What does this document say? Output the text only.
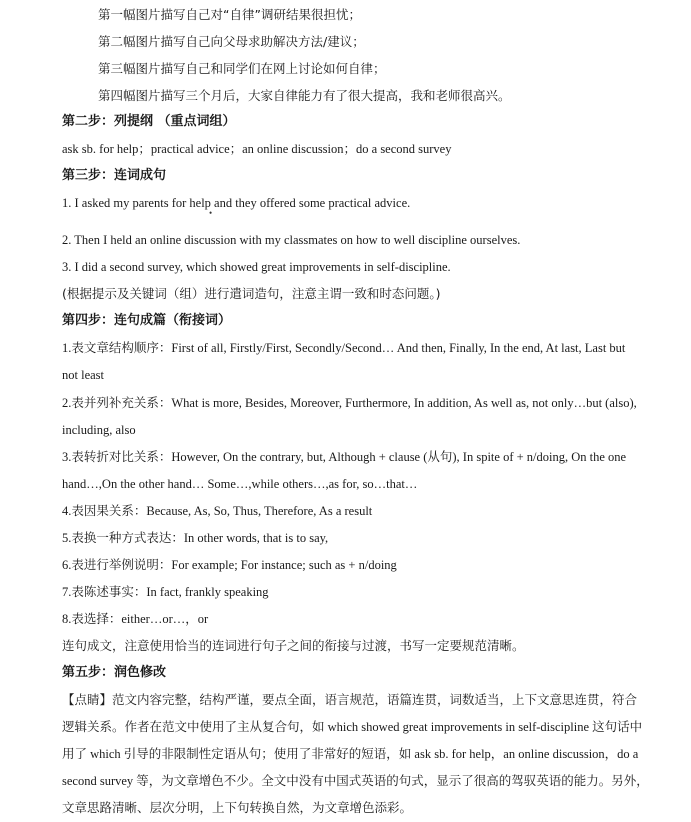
第一幅图片描写自己对“自律”调研结果很担忧；
第二幅图片描写自己向父母求助解决方法/建议；
第三幅图片描写自己和同学们在网上讨论如何自律；
第四幅图片描写三个月后，大家自律能力有了很大提高，我和老师很高兴。
第二步：列提纲 （重点词组）
ask sb. for help；practical advice；an online discussion；do a second survey
第三步：连词成句
1. I asked my parents for help and they offered some practical advice.
•
2. Then I held an online discussion with my classmates on how to well discipline ourselves.
3. I did a second survey, which showed great improvements in self-discipline.
(根据提示及关键词（组）进行遣词造句，注意主谓一致和时态问题。)
第四步：连句成篇（衔接词）
1.表文章结构顺序：First of all, Firstly/First, Secondly/Second… And then, Finally, In the end, At last, Last but
not least
2.表并列补充关系：What is more, Besides, Moreover, Furthermore, In addition, As well as, not only…but (also),
including, also
3.表转折对比关系：However, On the contrary, but, Although + clause (从句), In spite of + n/doing, On the one
hand…,On the other hand… Some…,while others…,as for, so…that…
4.表因果关系：Because, As, So, Thus, Therefore, As a result
5.表换一种方式表达：In other words, that is to say,
6.表进行举例说明：For example; For instance; such as + n/doing
7.表陈述事实：In fact, frankly speaking
8.表选择：either…or…，or
连句成文，注意使用恰当的连词进行句子之间的衔接与过渡，书写一定要规范清晰。
第五步：润色修改
【点睛】范文内容完整，结构严谨，要点全面，语言规范，语篇连贯，词数适当，上下文意思连贯，符合
逻辑关系。作者在范文中使用了主从复合句，如 which showed great improvements in self-discipline 这句话中
用了 which 引导的非限制性定语从句；使用了非常好的短语，如 ask sb. for help，an online discussion，do a
second survey 等，为文章增色不少。全文中没有中国式英语的句式，显示了很高的驾驭英语的能力。另外，
文章思路清晰、层次分明，上下句转换自然，为文章增色添彩。
